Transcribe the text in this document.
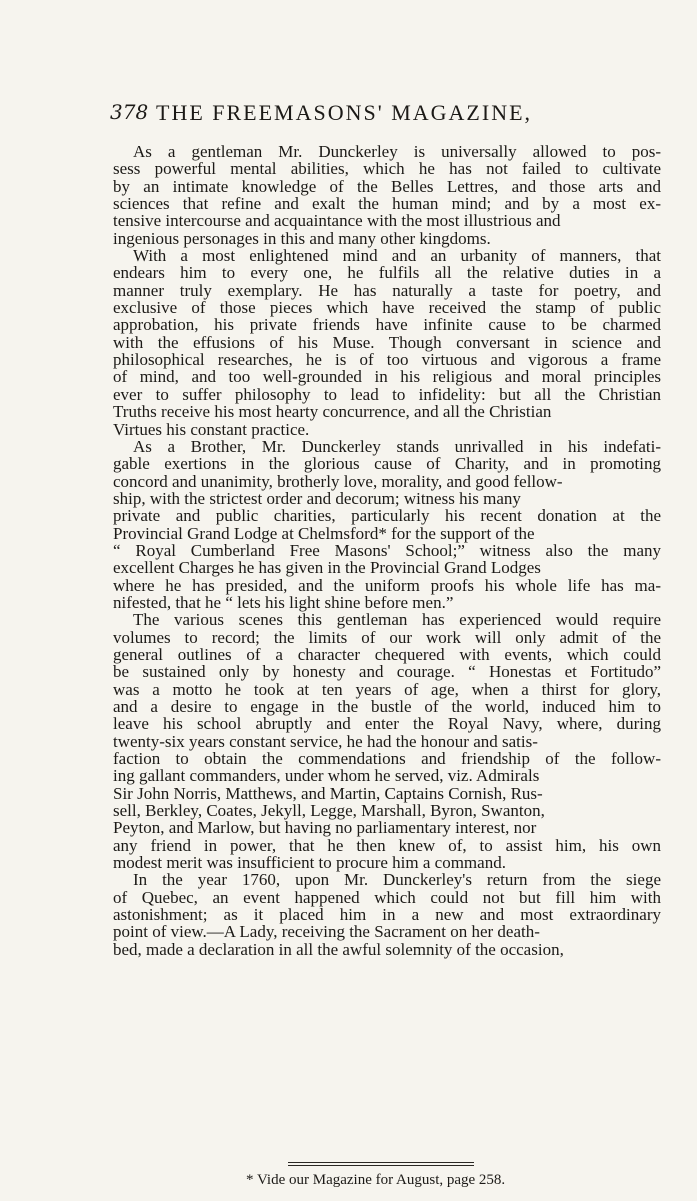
378 THE FREEMASONS' MAGAZINE,
As a gentleman Mr. Dunckerley is universally allowed to pos-
sess powerful mental abilities, which he has not failed to cultivate
by an intimate knowledge of the Belles Lettres, and those arts and
sciences that refine and exalt the human mind; and by a most ex-
tensive intercourse and acquaintance with the most illustrious and
ingenious personages in this and many other kingdoms.
With a most enlightened mind and an urbanity of manners, that
endears him to every one, he fulfils all the relative duties in a
manner truly exemplary. He has naturally a taste for poetry, and
exclusive of those pieces which have received the stamp of public
approbation, his private friends have infinite cause to be charmed
with the effusions of his Muse. Though conversant in science and
philosophical researches, he is of too virtuous and vigorous a frame
of mind, and too well-grounded in his religious and moral principles
ever to suffer philosophy to lead to infidelity: but all the Christian
Truths receive his most hearty concurrence, and all the Christian
Virtues his constant practice.
As a Brother, Mr. Dunckerley stands unrivalled in his indefati-
gable exertions in the glorious cause of Charity, and in promoting
concord and unanimity, brotherly love, morality, and good fellow-
ship, with the strictest order and decorum; witness his many
private and public charities, particularly his recent donation at the
Provincial Grand Lodge at Chelmsford* for the support of the
“ Royal Cumberland Free Masons' School;” witness also the many
excellent Charges he has given in the Provincial Grand Lodges
where he has presided, and the uniform proofs his whole life has ma-
nifested, that he “ lets his light shine before men.”
The various scenes this gentleman has experienced would require
volumes to record; the limits of our work will only admit of the
general outlines of a character chequered with events, which could
be sustained only by honesty and courage. “ Honestas et Fortitudo”
was a motto he took at ten years of age, when a thirst for glory,
and a desire to engage in the bustle of the world, induced him to
leave his school abruptly and enter the Royal Navy, where, during
twenty-six years constant service, he had the honour and satis-
faction to obtain the commendations and friendship of the follow-
ing gallant commanders, under whom he served, viz. Admirals
Sir John Norris, Matthews, and Martin, Captains Cornish, Rus-
sell, Berkley, Coates, Jekyll, Legge, Marshall, Byron, Swanton,
Peyton, and Marlow, but having no parliamentary interest, nor
any friend in power, that he then knew of, to assist him, his own
modest merit was insufficient to procure him a command.
In the year 1760, upon Mr. Dunckerley's return from the siege
of Quebec, an event happened which could not but fill him with
astonishment; as it placed him in a new and most extraordinary
point of view.—A Lady, receiving the Sacrament on her death-
bed, made a declaration in all the awful solemnity of the occasion,
* Vide our Magazine for August, page 258.
